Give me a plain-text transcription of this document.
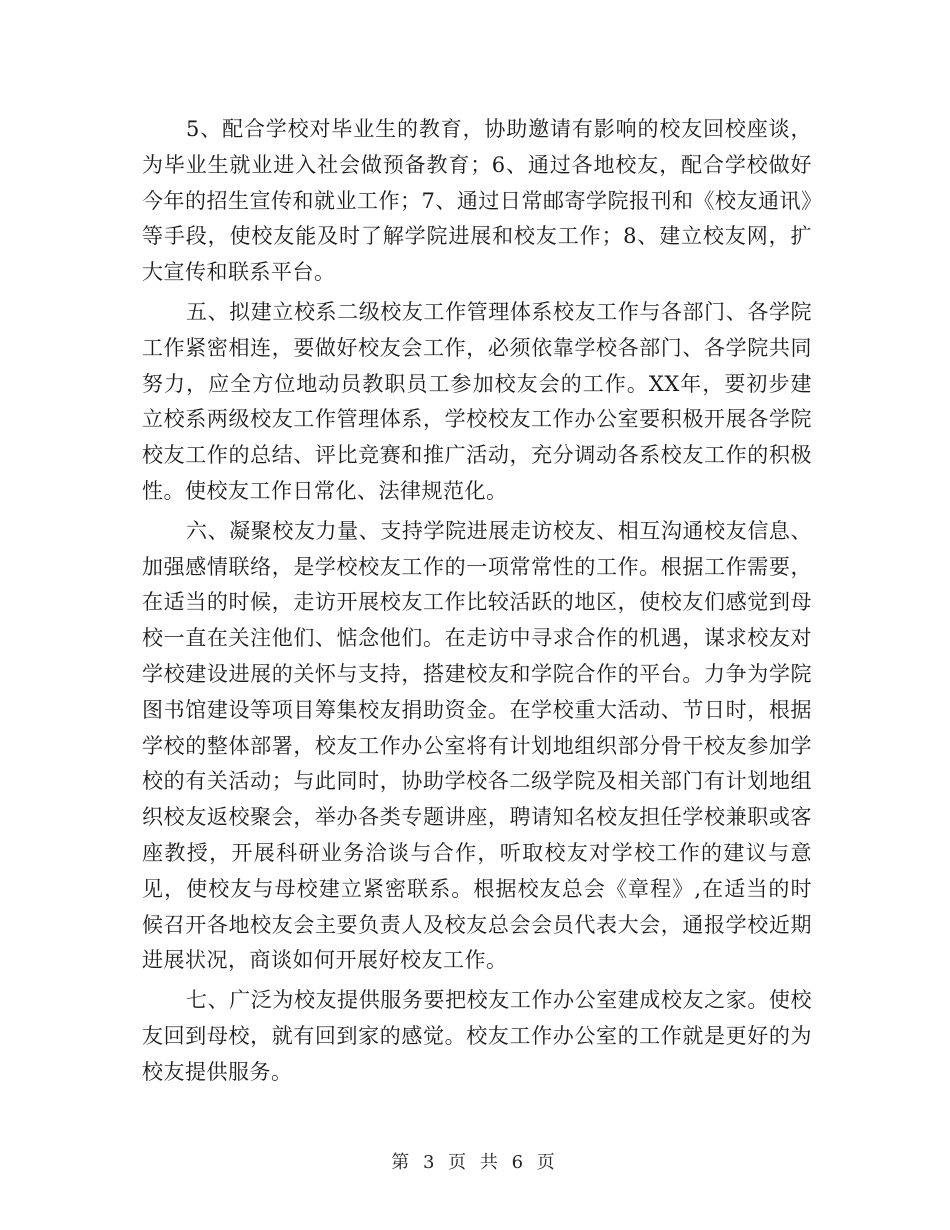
5、配合学校对毕业生的教育，协助邀请有影响的校友回校座谈，为毕业生就业进入社会做预备教育；6、通过各地校友，配合学校做好今年的招生宣传和就业工作；7、通过日常邮寄学院报刊和《校友通讯》等手段，使校友能及时了解学院进展和校友工作；8、建立校友网，扩大宣传和联系平台。

五、拟建立校系二级校友工作管理体系校友工作与各部门、各学院工作紧密相连，要做好校友会工作，必须依靠学校各部门、各学院共同努力，应全方位地动员教职员工参加校友会的工作。XX年，要初步建立校系两级校友工作管理体系，学校校友工作办公室要积极开展各学院校友工作的总结、评比竞赛和推广活动，充分调动各系校友工作的积极性。使校友工作日常化、法律规范化。

六、凝聚校友力量、支持学院进展走访校友、相互沟通校友信息、加强感情联络，是学校校友工作的一项常常性的工作。根据工作需要，在适当的时候，走访开展校友工作比较活跃的地区，使校友们感觉到母校一直在关注他们、惦念他们。在走访中寻求合作的机遇，谋求校友对学校建设进展的关怀与支持，搭建校友和学院合作的平台。力争为学院图书馆建设等项目筹集校友捐助资金。在学校重大活动、节日时，根据学校的整体部署，校友工作办公室将有计划地组织部分骨干校友参加学校的有关活动；与此同时，协助学校各二级学院及相关部门有计划地组织校友返校聚会，举办各类专题讲座，聘请知名校友担任学校兼职或客座教授，开展科研业务洽谈与合作，听取校友对学校工作的建议与意见，使校友与母校建立紧密联系。根据校友总会《章程》,在适当的时候召开各地校友会主要负责人及校友总会会员代表大会，通报学校近期进展状况，商谈如何开展好校友工作。

七、广泛为校友提供服务要把校友工作办公室建成校友之家。使校友回到母校，就有回到家的感觉。校友工作办公室的工作就是更好的为校友提供服务。

第 3 页 共 6 页
